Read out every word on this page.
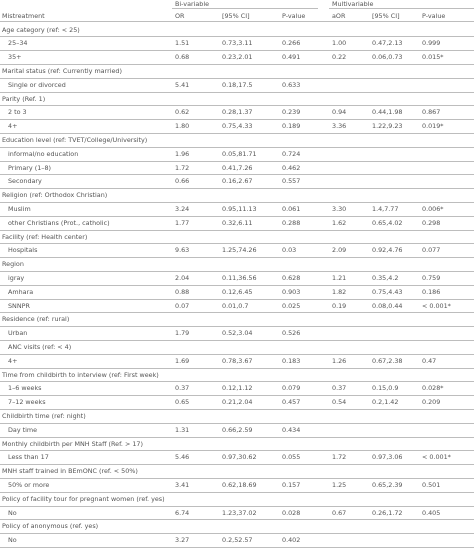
Bi-variable	Multivariable
Mistreatment	OR	[95% CI]	P-value	aOR	[95% CI]	P-value
Age category (ref: < 25)
25–34	1.51	0.73,3.11	0.266	1.00	0.47,2.13	0.999
35+	0.68	0.23,2.01	0.491	0.22	0.06,0.73	0.015*
Marital status (ref: Currently married)
Single or divorced	5.41	0.18,17.5	0.633
Parity (Ref. 1)
2 to 3	0.62	0.28,1.37	0.239	0.94	0.44,1.98	0.867
4+	1.80	0.75,4.33	0.189	3.36	1.22,9.23	0.019*
Education level (ref: TVET/College/University)
informal/no education	1.96	0.05,81.71	0.724
Primary (1–8)	1.72	0.41,7.26	0.462
Secondary	0.66	0.16,2.67	0.557
Religion (ref: Orthodox Christian)
Muslim	3.24	0.95,11.13	0.061	3.30	1.4,7.77	0.006*
other Christians (Prot., catholic)	1.77	0.32,6.11	0.288	1.62	0.65,4.02	0.298
Facility (ref: Health center)
Hospitals	9.63	1.25,74.26	0.03	2.09	0.92,4.76	0.077
Region
igray	2.04	0.11,36.56	0.628	1.21	0.35,4.2	0.759
Amhara	0.88	0.12,6.45	0.903	1.82	0.75,4.43	0.186
SNNPR	0.07	0.01,0.7	0.025	0.19	0.08,0.44	< 0.001*
Residence (ref: rural)
Urban	1.79	0.52,3.04	0.526
ANC visits (ref: < 4)
4+	1.69	0.78,3.67	0.183	1.26	0.67,2.38	0.47
Time from childbirth to interview (ref: First week)
1–6 weeks	0.37	0.12,1.12	0.079	0.37	0.15,0.9	0.028*
7–12 weeks	0.65	0.21,2.04	0.457	0.54	0.2,1.42	0.209
Childbirth time (ref: night)
Day time	1.31	0.66,2.59	0.434
Monthly childbirth per MNH Staff (Ref. > 17)
Less than 17	5.46	0.97,30.62	0.055	1.72	0.97,3.06	< 0.001*
MNH staff trained in BEmONC (ref. < 50%)
50% or more	3.41	0.62,18.69	0.157	1.25	0.65,2.39	0.501
Policy of facility tour for pregnant women (ref. yes)
No	6.74	1.23,37.02	0.028	0.67	0.26,1.72	0.405
Policy of anonymous (ref. yes)
No	3.27	0.2,52.57	0.402
